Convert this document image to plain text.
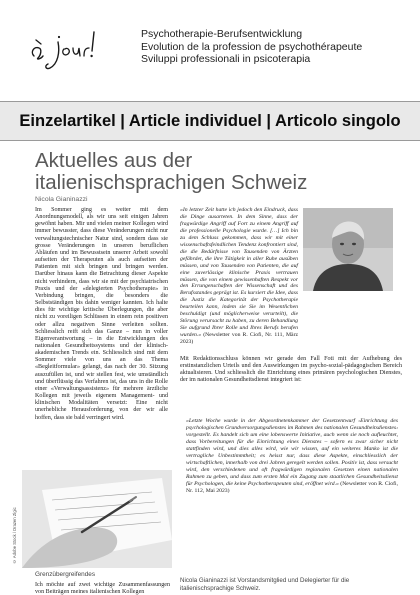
Psychotherapie-Berufsentwicklung
Evolution de la profession de psychothérapeute
Sviluppi professionali in psicoterapia
Einzelartikel | Article individuel | Articolo singolo
Aktuelles aus der
italienischsprachigen Schweiz
Nicola Gianinazzi

Im Sommer ging es weiter mit dem Anordnungsmodell, als wir uns seit einigen Jahren gewöhnt haben. Mir und vielen meiner Kollegen wird immer bewusster, dass diese Veränderungen nicht nur verwaltungstechnischer Natur sind, sondern dass sie grosse Veränderungen in unseren beruflichen Abläufen und im Bewusstsein unserer Arbeit sowohl aufseiten der Therapeuten als auch aufseiten der Patienten mit sich bringen und bringen werden. Darüber hinaus kann die Betrachtung dieser Aspekte nicht verhindern, dass wir sie mit der psychiatrischen Praxis und der «delegierten Psychotherapie» in Verbindung bringen, die besonders die Selbstständigen bis dahin weniger kannten. Ich halte dies für wichtige kritische Überlegungen, die aber nicht zu voreiligen Schlüssen in einem rein positiven oder allzu negativen Sinne verleiten sollten. Schliesslich reift sich das Ganze – nun in voller Eigenverantwortung – in die Entwicklungen des nationalen Gesundheitssystems und der klinisch-akademischen Trends ein. Schliesslich sind mit dem Sommer viele von uns an das Thema «Begleitformular» gelangt, das nach der 30. Sitzung auszufüllen ist, und wir stellen fest, wie umständlich und überflüssig das Verfahren ist, das uns in die Rolle einer «Verwaltungsassistenz» für mehrere ärztliche Kollegen mit jeweils eigenem Management- und klinischen Modalitäten versetzt: Eine nicht unerhebliche Herausforderung, von der wir alle hoffen, dass sie bald verringert wird.

© Adobe Stock / Drazen Zigic
Grenzübergreifendes
Ich möchte auf zwei wichtige Zusammenfassungen von Beiträgen meines italienischen Kollegen
«In letzter Zeit hatte ich jedoch den Eindruck, dass die Dinge ausarteten. In dem Sinne, dass der fragwürdige Angriff auf Fort zu einem Angriff auf die professionelle Psychologie wurde. […] Ich bin zu dem Schluss gekommen, dass wir mit einer wissenschaftsfeindlichen Tendenz konfrontiert sind, die die Bedürfnisse von Tausenden von Ärzten gefährdet, die ihre Tätigkeit in aller Ruhe ausüben müssen, und von Tausenden von Patienten, die auf eine zuverlässige klinische Praxis vertrauen müssen, die von einem gewissenhaften Respekt vor den Errungenschaften der Wissenschaft und des Berufsstandes geprägt ist. Es kursiert die Idee, dass die Justiz die Kategorität der Psychotherapie beurteilen kann, indem sie Sie im Wesentlichen beschuldigt (und möglicherweise verurteilt), die Störung verursacht zu haben, zu deren Behandlung Sie aufgrund Ihrer Rolle und Ihres Berufs berufen wurden.» (Newsletter von R. Ciofi, Nr. 111, März 2023)
Mit Redaktionsschluss können wir gerade den Fall Foti mit der Aufhebung des erstinstanzlichen Urteils und den Auswirkungen im psycho-sozial-pädagogischen Bereich aktualisieren. Und schliesslich die Einrichtung eines primären psychologischen Dienstes, der im nationalen Gesundheitsdienst integriert ist:
«Letzte Woche wurde in der Abgeordnetenkammer der Gesetzentwurf ‹Einrichtung des psychologischen Grundversorgungsdienstes im Rahmen des nationalen Gesundheitsdienstes› vorgestellt. Es handelt sich um eine lobenswerte Initiative, auch wenn sie noch aufleuchtet, dass Vorbereitungen für die Einrichtung eines Dienstes – sofern es zwar sicher nicht stattfinden wird, und dies alles wird, wie wir wissen, auf ein weiteres Manko ist die vertragliche Unbestimmtheit; es heisst nur, dass diese Aspekte, einschliesslich der wirtschaftlichen, innerhalb von drei Jahren geregelt werden sollen. Positiv ist, dass versucht wird, den verschiedenen und oft fragwürdigen regionalen Gesetzen einen nationalen Rahmen zu geben, und dass zum ersten Mal ein Zugang zum staatlichen Gesundheitsdienst für Psychologen, die keine Psychotherapeuten sind, eröffnet wird.» (Newsletter von R. Ciofi, Nr. 112, Mai 2023)
Nicola Gianinazzi ist Vorstandsmitglied und Delegierter für die italienischsprachige Schweiz.
